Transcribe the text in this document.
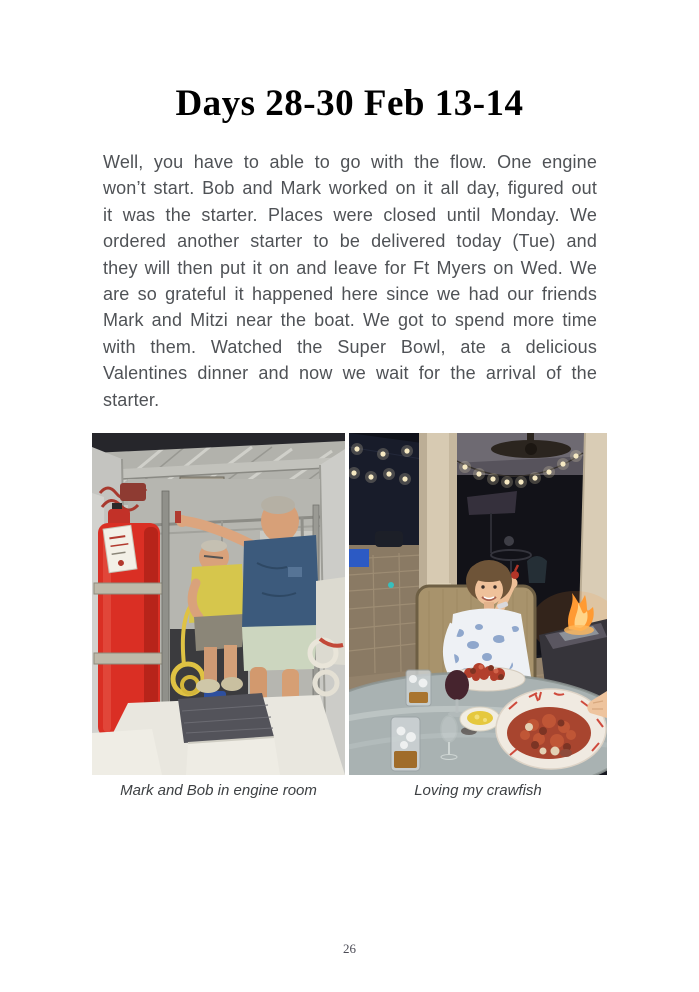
Days 28-30 Feb 13-14
Well, you have to able to go with the flow. One engine won’t start. Bob and Mark worked on it all day, figured out it was the starter. Places were closed until Monday. We ordered another starter to be delivered today (Tue) and they will then put it on and leave for Ft Myers on Wed. We are so grateful it happened here since we had our friends Mark and Mitzi near the boat. We got to spend more time with them. Watched the Super Bowl, ate a delicious Valentines dinner and now we wait for the arrival of the starter.
Mark and Bob in engine room	Loving my crawfish
26
